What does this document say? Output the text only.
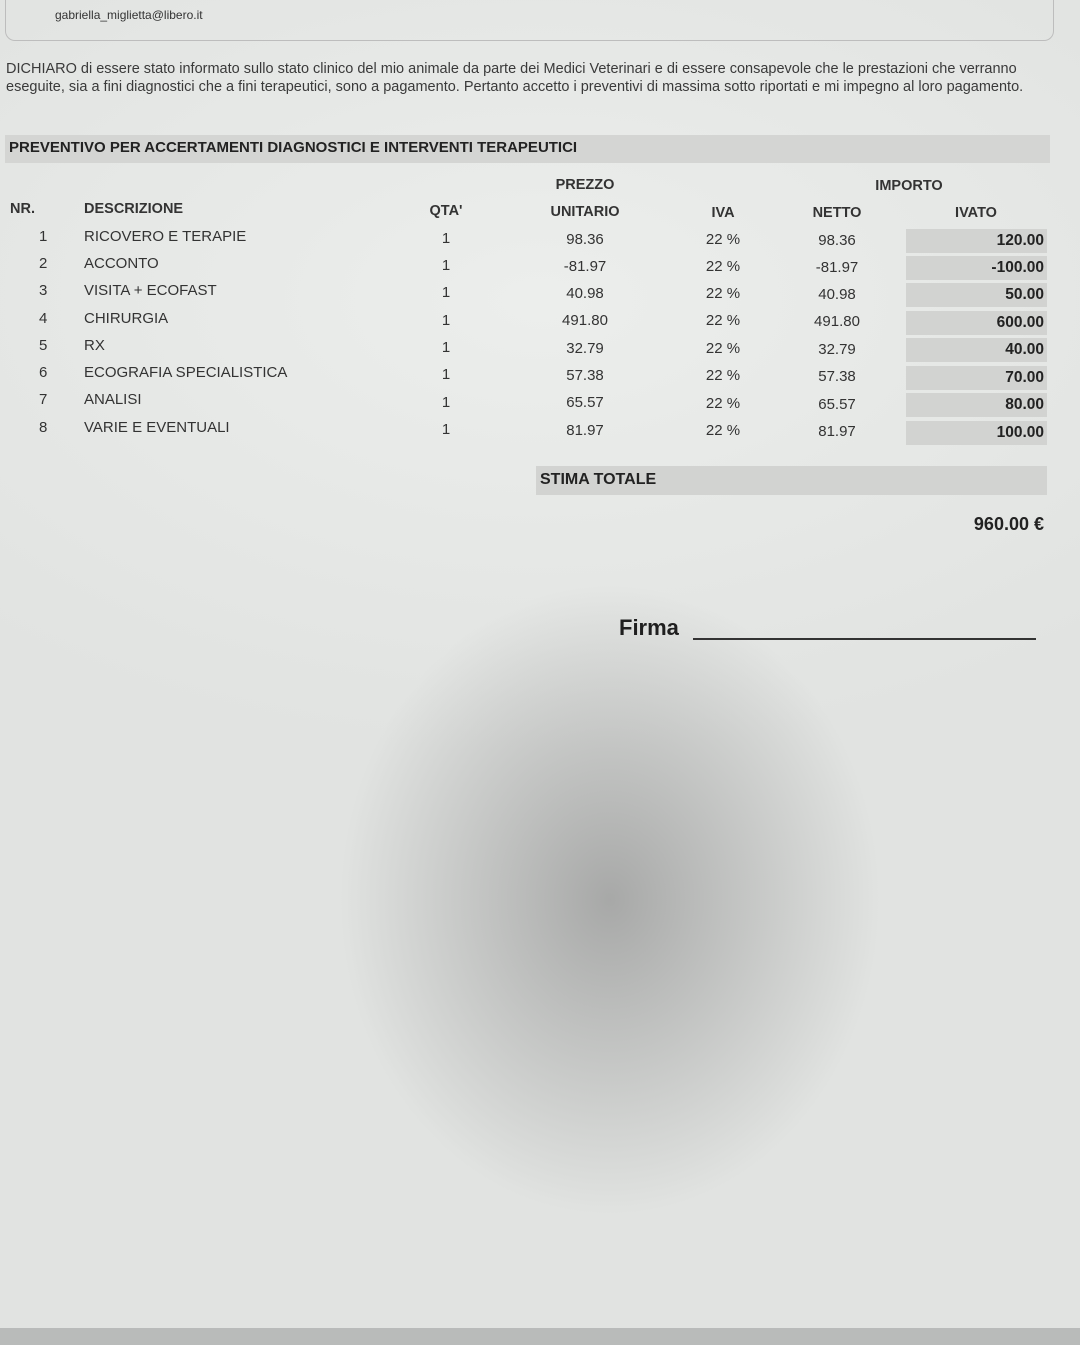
gabriella_miglietta@libero.it
DICHIARO di essere stato informato sullo stato clinico del mio animale da parte dei Medici Veterinari e di essere consapevole che le prestazioni che verranno eseguite, sia a fini diagnostici che a fini terapeutici, sono a pagamento. Pertanto accetto i preventivi di massima sotto riportati e mi impegno al loro pagamento.
PREVENTIVO PER ACCERTAMENTI DIAGNOSTICI E INTERVENTI TERAPEUTICI
NR.	DESCRIZIONE	QTA'
PREZZO
UNITARIO	IVA
IMPORTO
NETTO	IVATO
1 RICOVERO E TERAPIE	1	98.36	22 %	98.36	120.00
2 ACCONTO	1	-81.97	22 %	-81.97	-100.00
3 VISITA + ECOFAST	1	40.98	22 %	40.98	50.00
4 CHIRURGIA	1	491.80	22 %	491.80	600.00
5 RX	1	32.79	22 %	32.79	40.00
6 ECOGRAFIA SPECIALISTICA	1	57.38	22 %	57.38	70.00
7 ANALISI	1	65.57	22 %	65.57	80.00
8 VARIE E EVENTUALI	1	81.97	22 %	81.97	100.00
STIMA TOTALE
960.00 €
Firma
